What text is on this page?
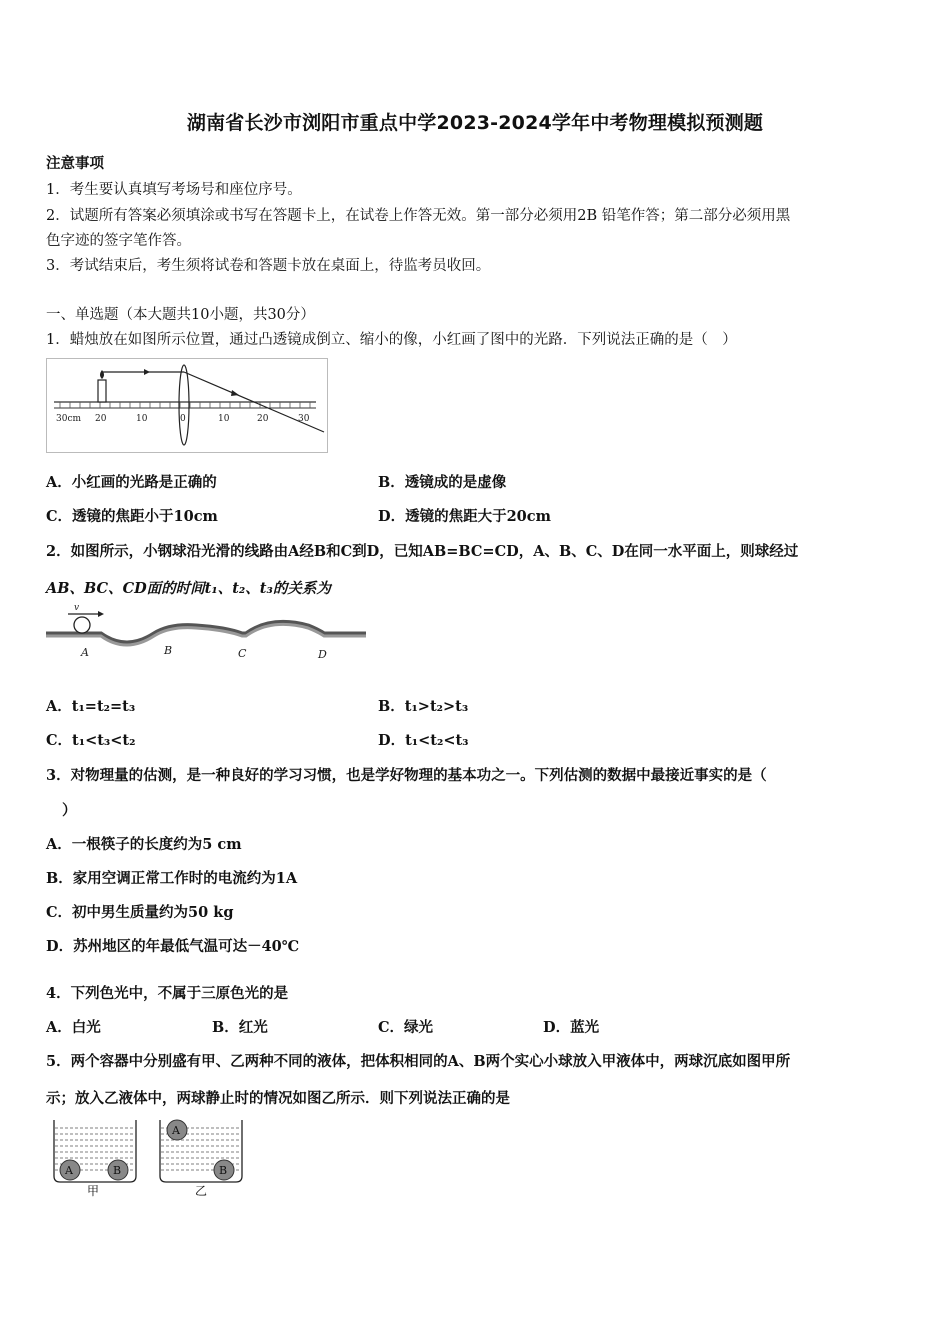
湖南省长沙市浏阳市重点中学2023-2024学年中考物理模拟预测题
注意事项
1．考生要认真填写考场号和座位序号。
2．试题所有答案必须填涂或书写在答题卡上，在试卷上作答无效。第一部分必须用2B 铅笔作答；第二部分必须用黑
色字迹的签字笔作答。
3．考试结束后，考生须将试卷和答题卡放在桌面上，待监考员收回。
一、单选题（本大题共10小题，共30分）
1．蜡烛放在如图所示位置，通过凸透镜成倒立、缩小的像，小红画了图中的光路．下列说法正确的是（　）
30cm 20	10	0	10	20	30
A．小红画的光路是正确的	B．透镜成的是虚像
C．透镜的焦距小于10cm	D．透镜的焦距大于20cm
2．如图所示，小钢球沿光滑的线路由A经B和C到D，已知AB=BC=CD，A、B、C、D在同一水平面上，则球经过
AB、BC、CD面的时间t₁、t₂、t₃的关系为
v
A	B	C	D
A．t₁=t₂=t₃	B．t₁>t₂>t₃
C．t₁<t₃<t₂	D．t₁<t₂<t₃
3．对物理量的估测，是一种良好的学习习惯，也是学好物理的基本功之一。下列估测的数据中最接近事实的是（
）
A．一根筷子的长度约为5 cm
B．家用空调正常工作时的电流约为1A
C．初中男生质量约为50 kg
D．苏州地区的年最低气温可达－40℃
4．下列色光中，不属于三原色光的是
A．白光	B．红光	C．绿光	D．蓝光
5．两个容器中分别盛有甲、乙两种不同的液体，把体积相同的A、B两个实心小球放入甲液体中，两球沉底如图甲所
示；放入乙液体中，两球静止时的情况如图乙所示．则下列说法正确的是
A	B
甲
A
B
乙
